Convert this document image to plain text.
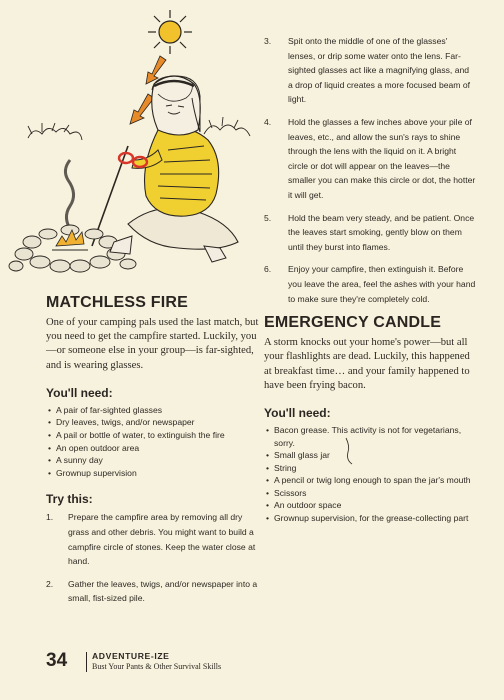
MATCHLESS FIRE

One of your camping pals used the last match, but you need to get the campfire started. Luckily, you—or someone else in your group—is far-sighted, and is wearing glasses.

You'll need:
• A pair of far-sighted glasses
• Dry leaves, twigs, and/or newspaper
• A pail or bottle of water, to extinguish the fire
• An open outdoor area
• A sunny day
• Grownup supervision
Try this:
1.	Prepare the campfire area by removing all dry grass and other debris. You might want to build a campfire circle of stones. Keep the water close at hand.
2.	Gather the leaves, twigs, and/or newspaper into a small, fist-sized pile.
3.	Spit onto the middle of one of the glasses' lenses, or drip some water onto the lens. Far-sighted glasses act like a magnifying glass, and a drop of liquid creates a more focused beam of light.
4.	Hold the glasses a few inches above your pile of leaves, etc., and allow the sun's rays to shine through the lens with the liquid on it. A bright circle or dot will appear on the leaves—the smaller you can make this circle or dot, the hotter it will get.
5.	Hold the beam very steady, and be patient. Once the leaves start smoking, gently blow on them until they burst into flames.
6.	Enjoy your campfire, then extinguish it. Before you leave the area, feel the ashes with your hand to make sure they're completely cold.
EMERGENCY CANDLE

A storm knocks out your home's power—but all your flashlights are dead. Luckily, this happened at breakfast time… and your family happened to have been frying bacon.

You'll need:
• Bacon grease. This activity is not for vegetarians, sorry.
• Small glass jar
• String
• A pencil or twig long enough to span the jar's mouth
• Scissors
• An outdoor space
• Grownup supervision, for the grease-collecting part
34	ADVENTURE-IZE
Bust Your Pants & Other Survival Skills
